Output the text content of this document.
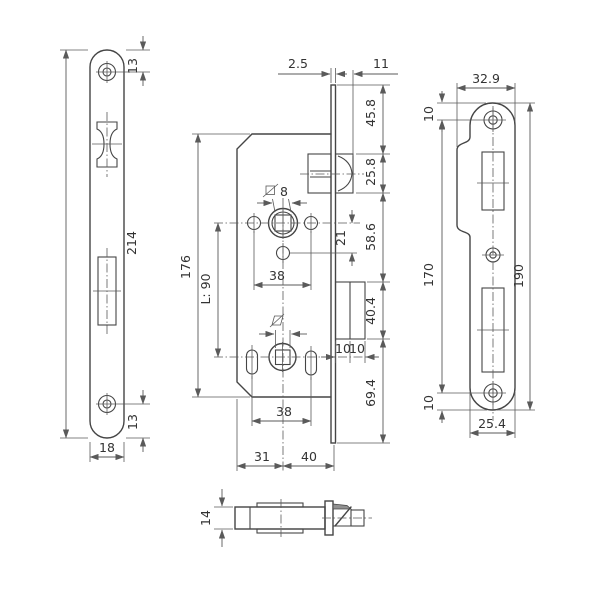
214
13
13
18
8
21
38
38
176
L: 90
31 40
2.5	11
45.8
25.8
58.6
40.4
69.4
10
10
14
32.9
10
170
10
190
25.4
